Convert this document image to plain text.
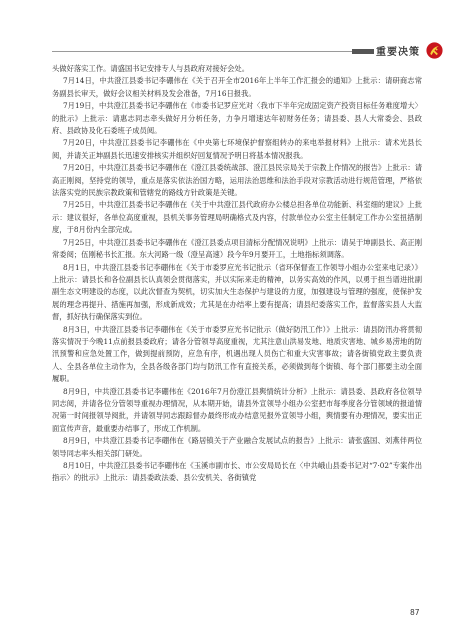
重要决策

头做好落实工作。请盛国书记安排专人与县政府对接好会处。

7月14日，中共澄江县委书记李硼伟在《关于召开全市2016年上半年工作汇报会的通知》上批示：请研商志常务副县长审天，做好会议相关材料及发会准备，7月16日报我。

7月19日，中共澄江县委书记李硼伟在《市委书记罗应光对〈我市下半年完成固定资产投资目标任务难度增大〉的批示》上批示：请惠志同志牵头做好月分析任务，力争月增速达年初财务任务；请县委、县人大常委会、县政府、县政协及化石委班子成员阅。

7月20日，中共澄江县委书记李硼伟在《中央第七环境保护督察组转办的来电举报材料》上批示：请术光县长阅，并请关正坤副县长迅速安排核实并组织好回复情况予明日将基本情况报我。

7月20日，中共澄江县委书记李硼伟在《澄江县委统战部、澄江县民宗局关于宗教上作情况的报告》上批示：请高正刚阅，坚持党的领导，重点是落实依法治国方略，运用法治思维和法治手段对宗教活动进行规范管理，严格依法落实党的民族宗教政策和管辖党的路线方针政策是关键。

7月25日，中共澄江县委书记李硼伟在《关于中共澄江县代政府办公楼总担各单位功能新、科室细的建议》上批示：建议很好，各单位高度重视，县机关事务管理局明确格式及内容，付款单位办公室主任制定工作办公室扭措制度，于8月份内全部完成。

7月25日，中共澄江县委书记李硼伟在《澄江县委点项目清标分配情况说明》上批示：请吴于坤副县长、高正刚常委阅；伍刚秘书长汇报。东大河路一级（澄呈高速）段今年9月要开工，土地指标须调落。

8月1日，中共澄江县委书记李硼伟在《关于市委罗应光书记批示（省环保督查工作领导小组办公室来电记录）》上批示：请县长和各位副县长认真领会贯彻落实，并以实际来走的精神，以务实高效的作风，以勇于担当谱进批副副生态文明建设的态度，以此次督查为契机，切实加大生态保护与建设的力度，加强建设与管理的强度，使保护发展的理念再提升、措施再加强，形成新成效；尤其是在办结率上要有提高；请县纪委落实工作，监督落实县人大监督，抓好执行确保落实到位。

8月3日，中共澄江县委书记李硼伟在《关于市委罗应光书记批示（做好防汛工作）》上批示：请县防汛办将贯彻落实情况于今晚11点前报县委政府；请各分管领导高度重视，尤其注意山洪易发地、地质灾害地、城乡易涝地的防汛预警和应急处置工作，做到提前预防，应急有序，机遇出现人员伤亡和重大灾害事故；请各街镇党政主要负责人、全县各单位主动作为，全县各级各部门均与防汛工作有直接关系，必须做到每个街镇、每个部门都要主动全面履职。

8月9日，中共澄江县委书记李硼伟在《2016年7月份澄江县舆情统计分析》上批示：请县委、县政府各位领导同志阅，并请各位分管领导重视办理情况，从本期开始，请县外宣领导小组办公室把市每季度各分管领域的报道情况第一时间报领导阅批，并请领导同志跟踪督办最终形成办结意见报外宣领导小组，舆情要有办理情况，要实出正面宣传声音，最重要办结事了，形成工作机制。

8月9日，中共澄江县委书记李硼伟在《路居镇关于产业融合发展试点的报告》上批示：请张盛国、刘燕伴两位领导同志率头相关部门研处。

8月10日，中共澄江县委书记李硼伟在《玉溪市副市长、市公安局局长在〈中共峨山县委书记对“7·02”专案作出指示〉的批示》上批示：请县委政法委、县公安机关、各街镇党

87
